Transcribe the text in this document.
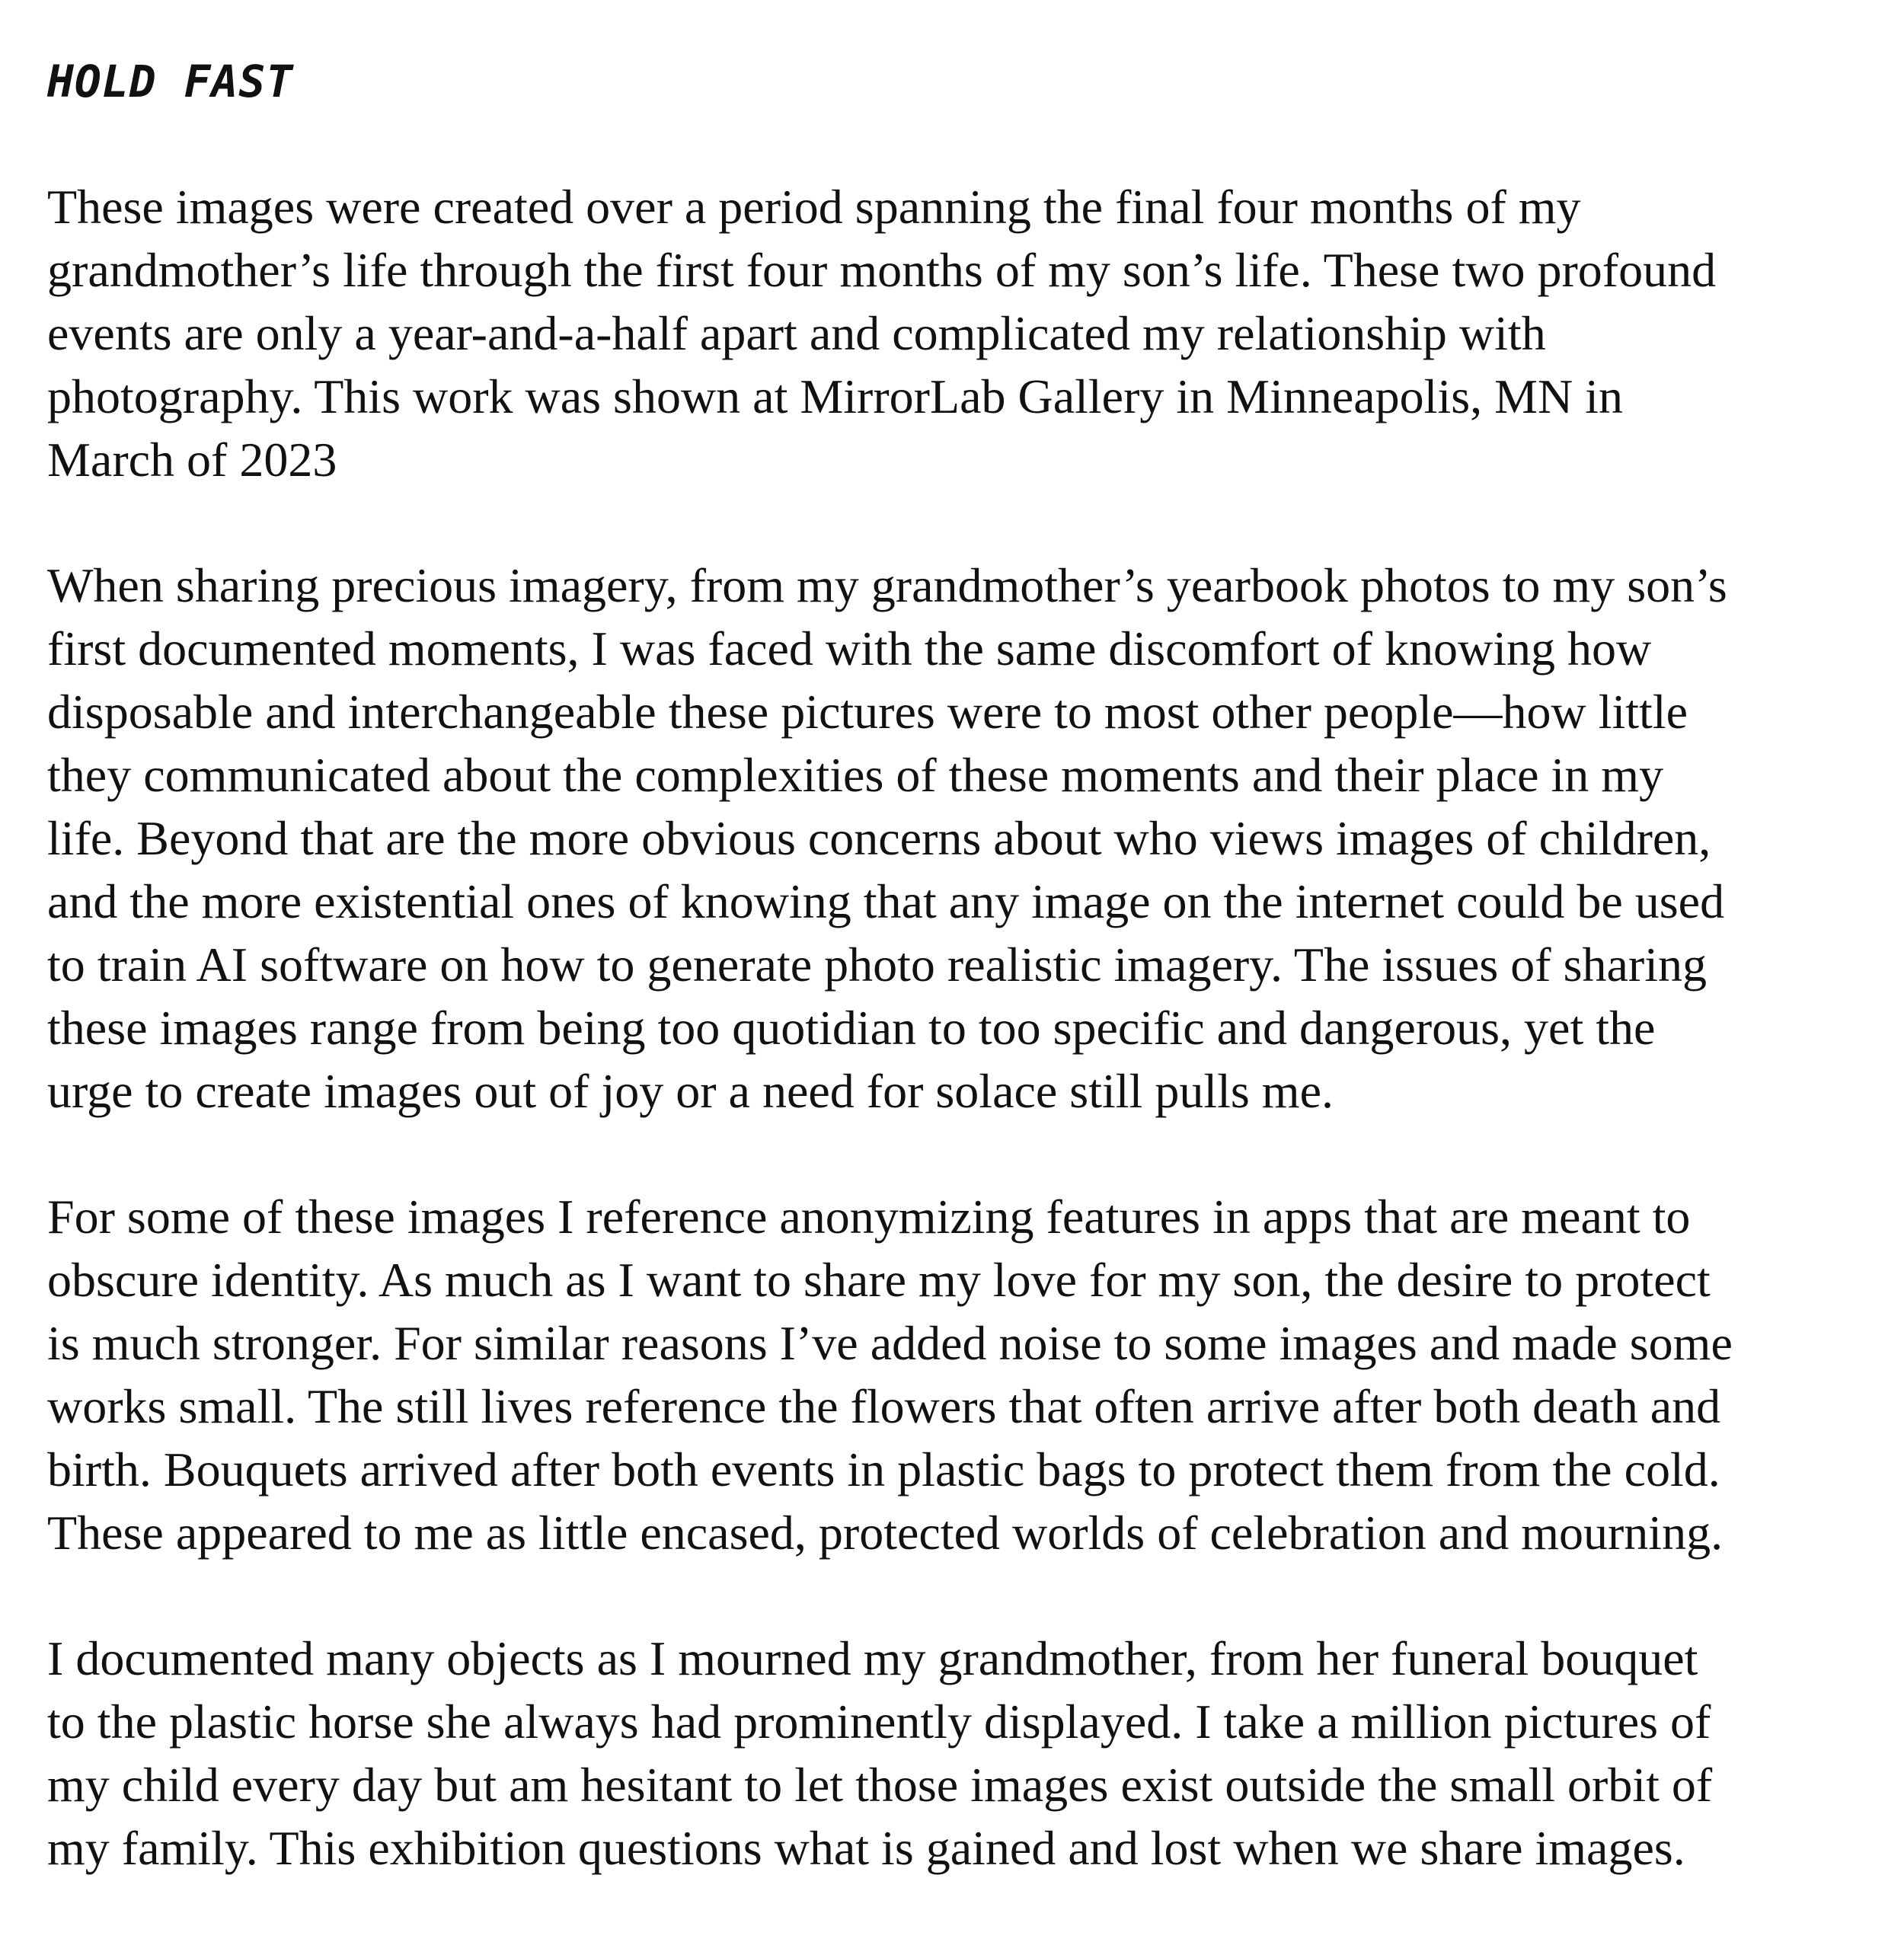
HOLD FAST

These images were created over a period spanning the final four months of my
grandmother’s life through the first four months of my son’s life. These two profound
events are only a year-and-a-half apart and complicated my relationship with
photography. This work was shown at MirrorLab Gallery in Minneapolis, MN in
March of 2023

When sharing precious imagery, from my grandmother’s yearbook photos to my son’s
first documented moments, I was faced with the same discomfort of knowing how
disposable and interchangeable these pictures were to most other people—how little
they communicated about the complexities of these moments and their place in my
life. Beyond that are the more obvious concerns about who views images of children,
and the more existential ones of knowing that any image on the internet could be used
to train AI software on how to generate photo realistic imagery. The issues of sharing
these images range from being too quotidian to too specific and dangerous, yet the
urge to create images out of joy or a need for solace still pulls me.

For some of these images I reference anonymizing features in apps that are meant to
obscure identity. As much as I want to share my love for my son, the desire to protect
is much stronger. For similar reasons I’ve added noise to some images and made some
works small. The still lives reference the flowers that often arrive after both death and
birth. Bouquets arrived after both events in plastic bags to protect them from the cold.
These appeared to me as little encased, protected worlds of celebration and mourning.

I documented many objects as I mourned my grandmother, from her funeral bouquet
to the plastic horse she always had prominently displayed. I take a million pictures of
my child every day but am hesitant to let those images exist outside the small orbit of
my family. This exhibition questions what is gained and lost when we share images.
